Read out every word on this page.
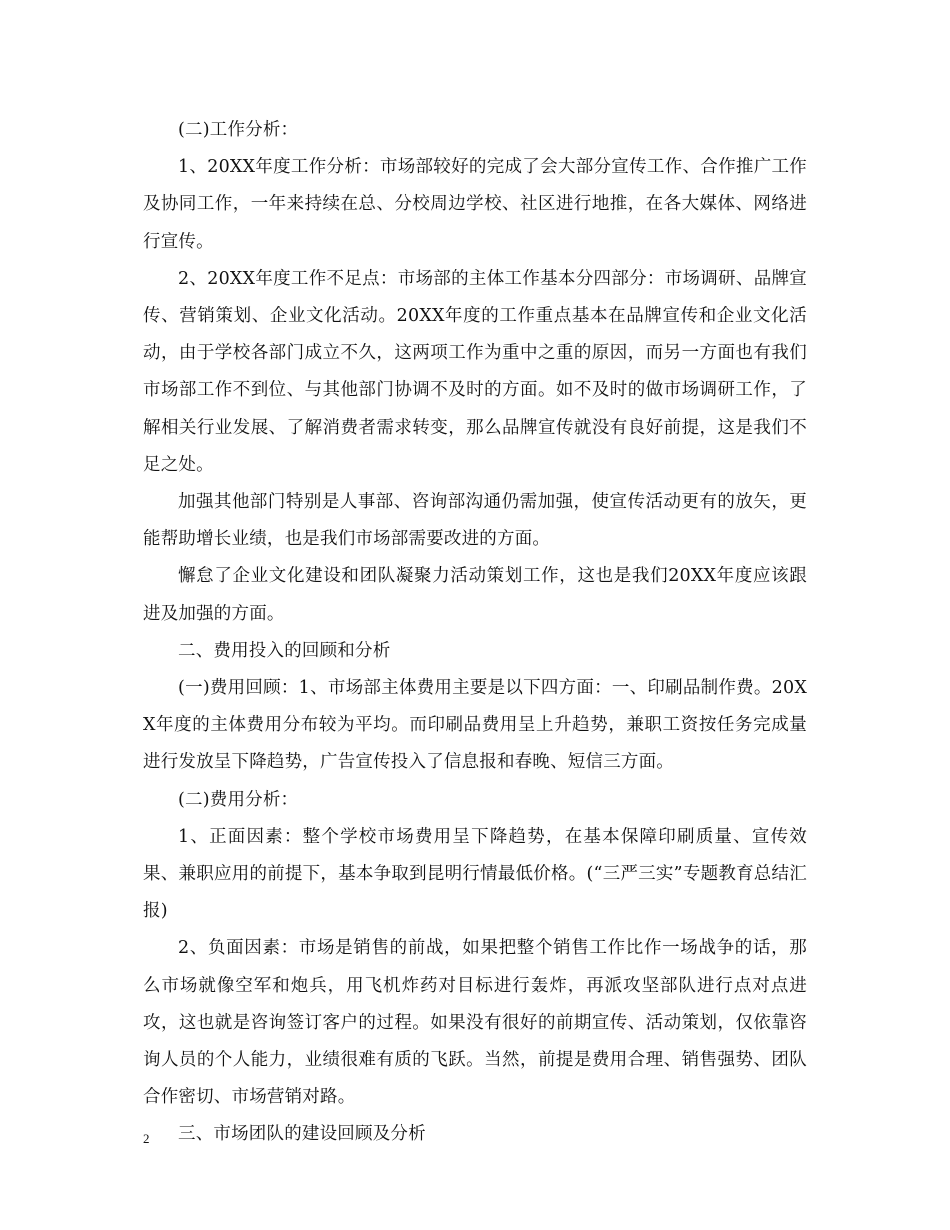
(二)工作分析：

1、20XX年度工作分析：市场部较好的完成了会大部分宣传工作、合作推广工作及协同工作，一年来持续在总、分校周边学校、社区进行地推，在各大媒体、网络进行宣传。

2、20XX年度工作不足点：市场部的主体工作基本分四部分：市场调研、品牌宣传、营销策划、企业文化活动。20XX年度的工作重点基本在品牌宣传和企业文化活动，由于学校各部门成立不久，这两项工作为重中之重的原因，而另一方面也有我们市场部工作不到位、与其他部门协调不及时的方面。如不及时的做市场调研工作，了解相关行业发展、了解消费者需求转变，那么品牌宣传就没有良好前提，这是我们不足之处。

加强其他部门特别是人事部、咨询部沟通仍需加强，使宣传活动更有的放矢，更能帮助增长业绩，也是我们市场部需要改进的方面。

懈怠了企业文化建设和团队凝聚力活动策划工作，这也是我们20XX年度应该跟进及加强的方面。

二、费用投入的回顾和分析

(一)费用回顾：1、市场部主体费用主要是以下四方面：一、印刷品制作费。20XX年度的主体费用分布较为平均。而印刷品费用呈上升趋势，兼职工资按任务完成量进行发放呈下降趋势，广告宣传投入了信息报和春晚、短信三方面。

(二)费用分析：

1、正面因素：整个学校市场费用呈下降趋势，在基本保障印刷质量、宣传效果、兼职应用的前提下，基本争取到昆明行情最低价格。(“三严三实”专题教育总结汇报)

2、负面因素：市场是销售的前战，如果把整个销售工作比作一场战争的话，那么市场就像空军和炮兵，用飞机炸药对目标进行轰炸，再派攻坚部队进行点对点进攻，这也就是咨询签订客户的过程。如果没有很好的前期宣传、活动策划，仅依靠咨询人员的个人能力，业绩很难有质的飞跃。当然，前提是费用合理、销售强势、团队合作密切、市场营销对路。

三、市场团队的建设回顾及分析

2
